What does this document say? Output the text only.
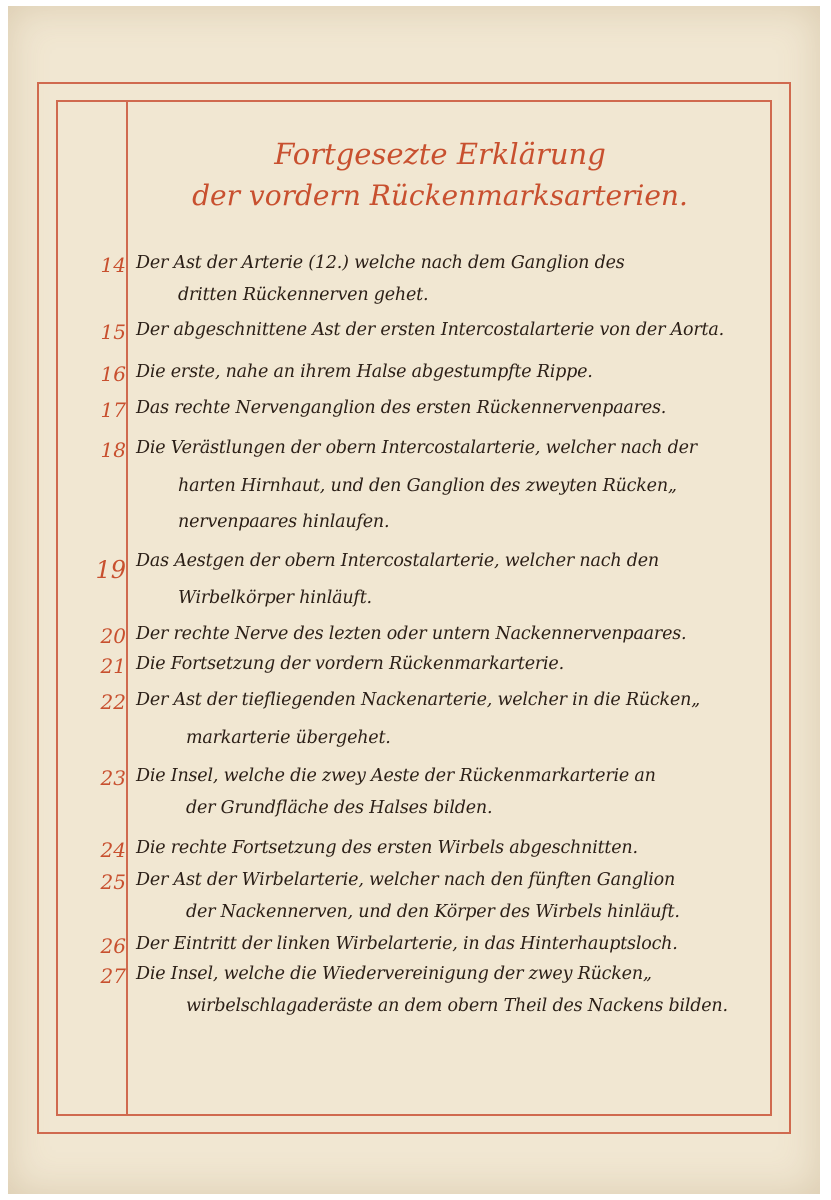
Fortgesezte Erklärung
der vordern Rückenmarksarterien.
14 Der Ast der Arterie (12.) welche nach dem Ganglion des
dritten Rückennerven gehet.
15 Der abgeschnittene Ast der ersten Intercostalarterie von der Aorta.
16 Die erste, nahe an ihrem Halse abgestumpfte Rippe.
17 Das rechte Nervenganglion des ersten Rückennervenpaares.
18 Die Verästlungen der obern Intercostalarterie, welcher nach der
harten Hirnhaut, und den Ganglion des zweyten Rücken„
nervenpaares hinlaufen.
19 Das Aestgen der obern Intercostalarterie, welcher nach den
Wirbelkörper hinläuft.
20 Der rechte Nerve des lezten oder untern Nackennervenpaares.
21 Die Fortsetzung der vordern Rückenmarkarterie.
22 Der Ast der tiefliegenden Nackenarterie, welcher in die Rücken„
markarterie übergehet.
23 Die Insel, welche die zwey Aeste der Rückenmarkarterie an
der Grundfläche des Halses bilden.
24 Die rechte Fortsetzung des ersten Wirbels abgeschnitten.
25 Der Ast der Wirbelarterie, welcher nach den fünften Ganglion
der Nackennerven, und den Körper des Wirbels hinläuft.
26 Der Eintritt der linken Wirbelarterie, in das Hinterhauptsloch.
27 Die Insel, welche die Wiedervereinigung der zwey Rücken„
wirbelschlagaderäste an dem obern Theil des Nackens bilden.
